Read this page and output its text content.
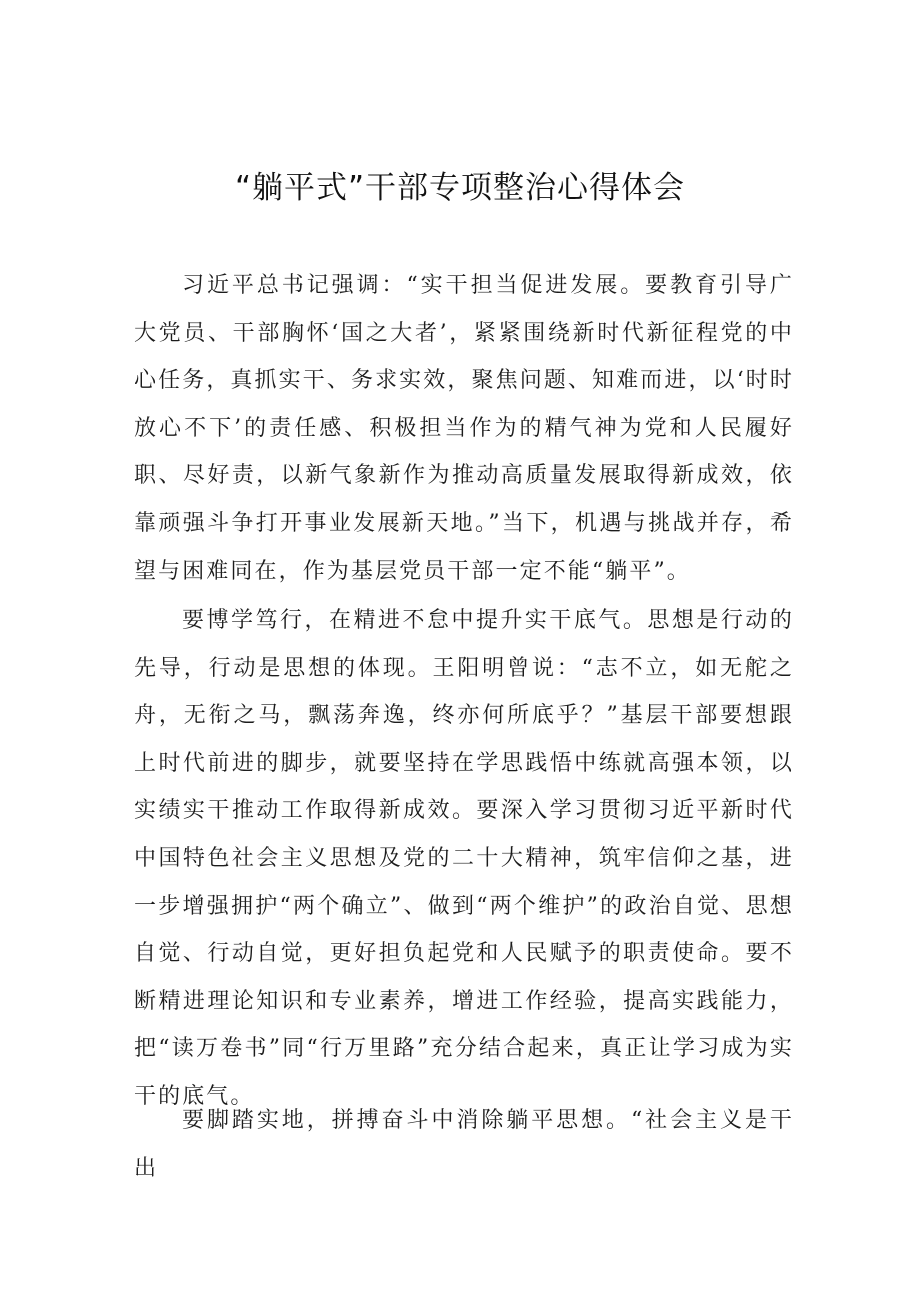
“躺平式”干部专项整治心得体会

习近平总书记强调：“实干担当促进发展。要教育引导广大党员、干部胸怀‘国之大者’，紧紧围绕新时代新征程党的中心任务，真抓实干、务求实效，聚焦问题、知难而进，以‘时时放心不下’的责任感、积极担当作为的精气神为党和人民履好职、尽好责，以新气象新作为推动高质量发展取得新成效，依靠顽强斗争打开事业发展新天地。”当下，机遇与挑战并存，希望与困难同在，作为基层党员干部一定不能“躺平”。

要博学笃行，在精进不怠中提升实干底气。思想是行动的先导，行动是思想的体现。王阳明曾说：“志不立，如无舵之舟，无衔之马，飘荡奔逸，终亦何所底乎？”基层干部要想跟上时代前进的脚步，就要坚持在学思践悟中练就高强本领，以实绩实干推动工作取得新成效。要深入学习贯彻习近平新时代中国特色社会主义思想及党的二十大精神，筑牢信仰之基，进一步增强拥护“两个确立”、做到“两个维护”的政治自觉、思想自觉、行动自觉，更好担负起党和人民赋予的职责使命。要不断精进理论知识和专业素养，增进工作经验，提高实践能力，把“读万卷书”同“行万里路”充分结合起来，真正让学习成为实干的底气。

要脚踏实地，拼搏奋斗中消除躺平思想。“社会主义是干出
